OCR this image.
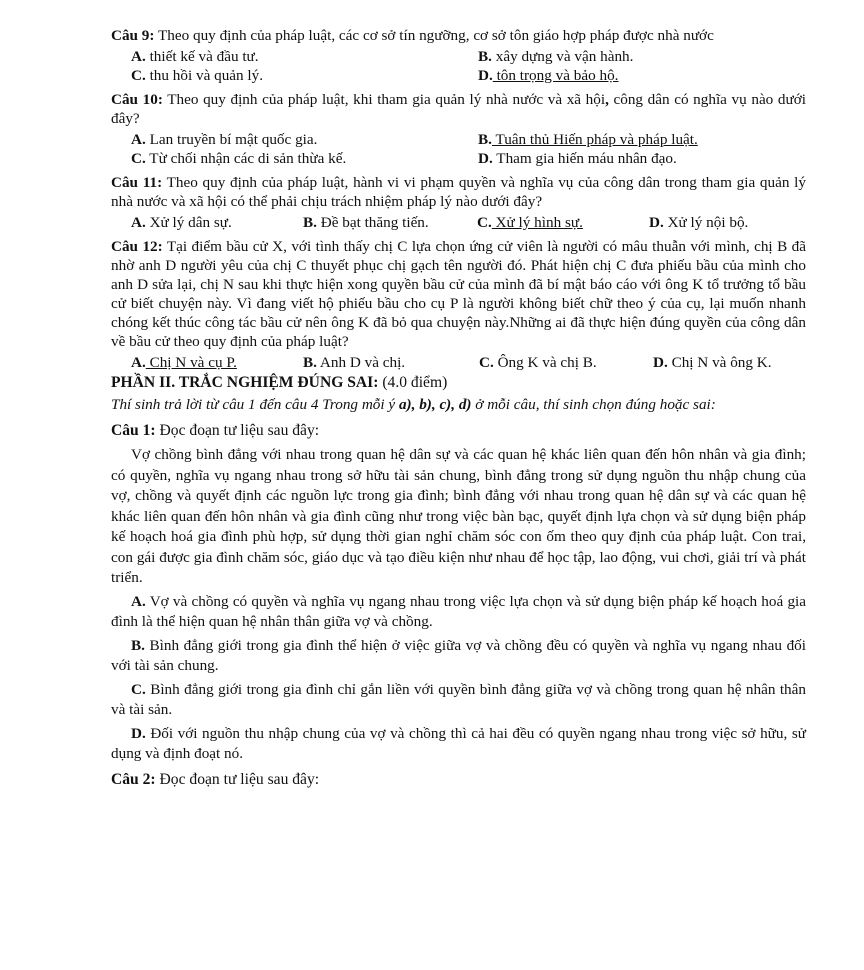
Câu 9: Theo quy định của pháp luật, các cơ sở tín ngưỡng, cơ sở tôn giáo hợp pháp được nhà nước

A. thiết kế và đầu tư.	B. xây dựng và vận hành.
C. thu hồi và quản lý.	D. tôn trọng và bảo hộ.

Câu 10: Theo quy định của pháp luật, khi tham gia quản lý nhà nước và xã hội, công dân có nghĩa vụ nào dưới đây?

A. Lan truyền bí mật quốc gia.	B. Tuân thủ Hiến pháp và pháp luật.
C. Từ chối nhận các di sản thừa kế.	D. Tham gia hiến máu nhân đạo.

Câu 11: Theo quy định của pháp luật, hành vi vi phạm quyền và nghĩa vụ của công dân trong tham gia quản lý nhà nước và xã hội có thể phải chịu trách nhiệm pháp lý nào dưới đây?

A. Xử lý dân sự.	B. Đề bạt thăng tiến.	C. Xử lý hình sự.	D. Xử lý nội bộ.

Câu 12: Tại điểm bầu cử X, với tình thấy chị C lựa chọn ứng cử viên là người có mâu thuẫn với mình, chị B đã nhờ anh D người yêu của chị C thuyết phục chị gạch tên người đó. Phát hiện chị C đưa phiếu bầu của mình cho anh D sửa lại, chị N sau khi thực hiện xong quyền bầu cử của mình đã bí mật báo cáo với ông K tổ trưởng tổ bầu cử biết chuyện này. Vì đang viết hộ phiếu bầu cho cụ P là người không biết chữ theo ý của cụ, lại muốn nhanh chóng kết thúc công tác bầu cử nên ông K đã bỏ qua chuyện này.Những ai đã thực hiện đúng quyền của công dân về bầu cử theo quy định của pháp luật?

A. Chị N và cụ P.	B. Anh D và chị.	C. Ông K và chị B.	D. Chị N và ông K.
PHẦN II. TRẮC NGHIỆM ĐÚNG SAI: (4.0 điểm)
Thí sinh trả lời từ câu 1 đến câu 4 Trong mỗi ý a), b), c), d) ở mỗi câu, thí sinh chọn đúng hoặc sai:
Câu 1: Đọc đoạn tư liệu sau đây:

Vợ chồng bình đẳng với nhau trong quan hệ dân sự và các quan hệ khác liên quan đến hôn nhân và gia đình; có quyền, nghĩa vụ ngang nhau trong sở hữu tài sản chung, bình đẳng trong sử dụng nguồn thu nhập chung của vợ, chồng và quyết định các nguồn lực trong gia đình; bình đẳng với nhau trong quan hệ dân sự và các quan hệ khác liên quan đến hôn nhân và gia đình cũng như trong việc bàn bạc, quyết định lựa chọn và sử dụng biện pháp kế hoạch hoá gia đình phù hợp, sử dụng thời gian nghỉ chăm sóc con ốm theo quy định của pháp luật. Con trai, con gái được gia đình chăm sóc, giáo dục và tạo điều kiện như nhau để học tập, lao động, vui chơi, giải trí và phát triển.

A. Vợ và chồng có quyền và nghĩa vụ ngang nhau trong việc lựa chọn và sử dụng biện pháp kế hoạch hoá gia đình là thể hiện quan hệ nhân thân giữa vợ và chồng.

B. Bình đẳng giới trong gia đình thể hiện ở việc giữa vợ và chồng đều có quyền và nghĩa vụ ngang nhau đối với tài sản chung.

C. Bình đẳng giới trong gia đình chỉ gắn liền với quyền bình đẳng giữa vợ và chồng trong quan hệ nhân thân và tài sản.

D. Đối với nguồn thu nhập chung của vợ và chồng thì cả hai đều có quyền ngang nhau trong việc sở hữu, sử dụng và định đoạt nó.

Câu 2: Đọc đoạn tư liệu sau đây:
